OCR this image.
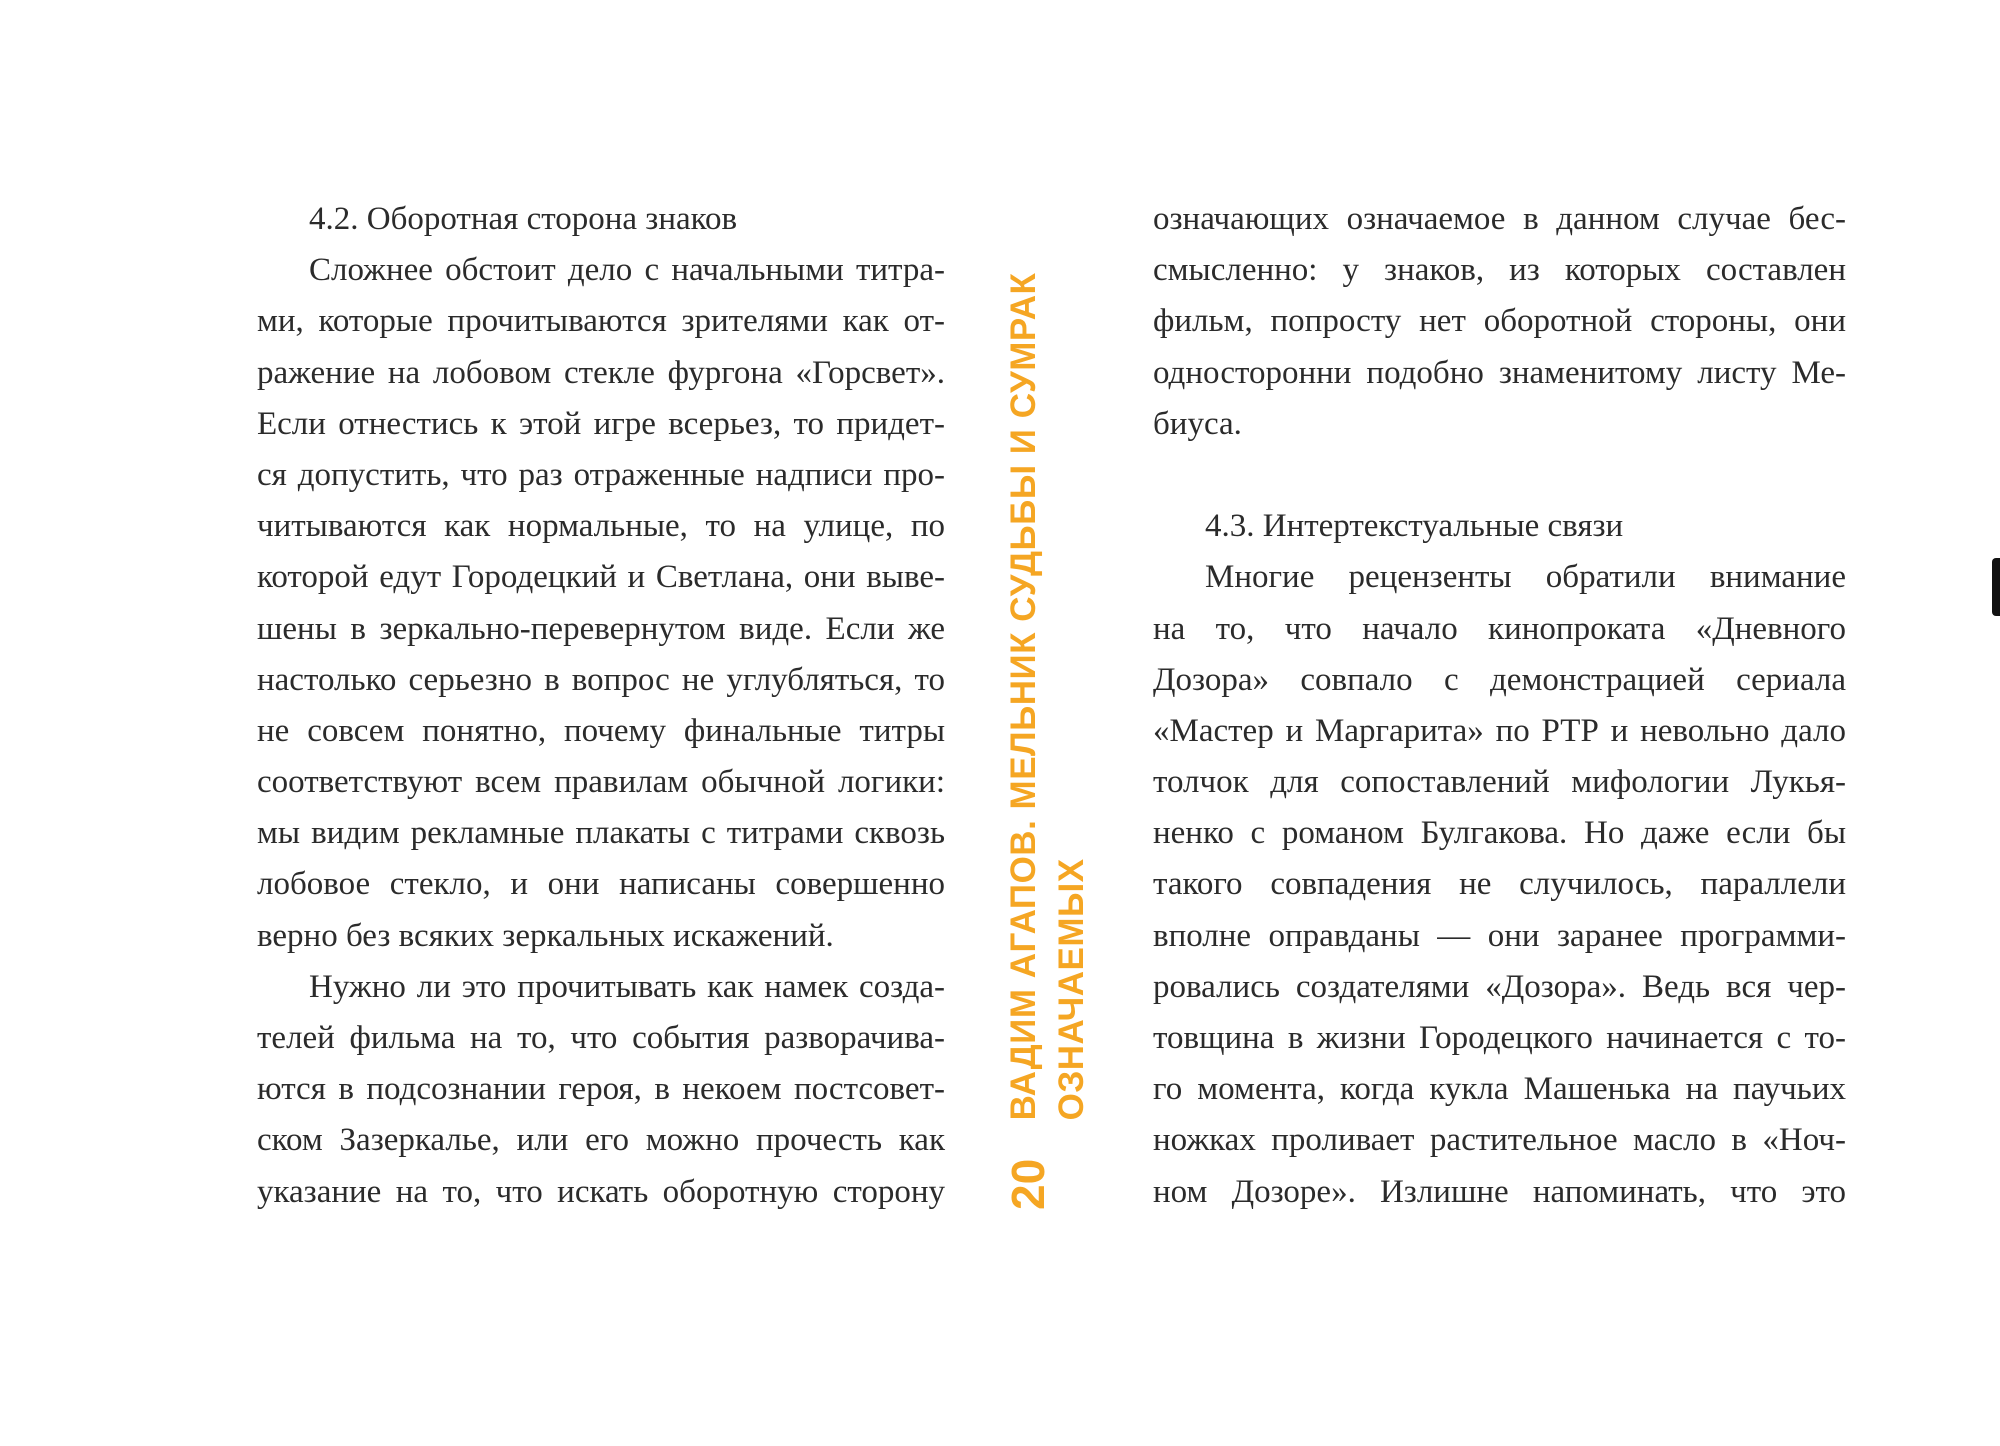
4.2. Оборотная сторона знаков
Сложнее обстоит дело с начальными титра-
ми, которые прочитываются зрителями как от-
ражение на лобовом стекле фургона «Горсвет».
Если отнестись к этой игре всерьез, то придет-
ся допустить, что раз отраженные надписи про-
читываются как нормальные, то на улице, по
которой едут Городецкий и Светлана, они выве-
шены в зеркально-перевернутом виде. Если же
настолько серьезно в вопрос не углубляться, то
не совсем понятно, почему финальные титры
соответствуют всем правилам обычной логики:
мы видим рекламные плакаты с титрами сквозь
лобовое стекло, и они написаны совершенно
верно без всяких зеркальных искажений.
Нужно ли это прочитывать как намек созда-
телей фильма на то, что события разворачива-
ются в подсознании героя, в некоем постсовет-
ском Зазеркалье, или его можно прочесть как
указание на то, что искать оборотную сторону 20
ВАДИМ АГАПОВ. МЕЛЬНИК СУДЬБЫ И СУМРАК ОЗНАЧАЕМЫХ
означающих означаемое в данном случае бес-
смысленно: у знаков, из которых составлен
фильм, попросту нет оборотной стороны, они
односторонни подобно знаменитому листу Ме-
биуса.
4.3. Интертекстуальные связи
Многие рецензенты обратили внимание
на то, что начало кинопроката «Дневного
Дозора» совпало с демонстрацией сериала
«Мастер и Маргарита» по РТР и невольно дало
толчок для сопоставлений мифологии Лукья-
ненко с романом Булгакова. Но даже если бы
такого совпадения не случилось, параллели
вполне оправданы — они заранее программи-
ровались создателями «Дозора». Ведь вся чер-
товщина в жизни Городецкого начинается с то-
го момента, когда кукла Машенька на паучьих
ножках проливает растительное масло в «Ноч-
ном Дозоре». Излишне напоминать, что это
